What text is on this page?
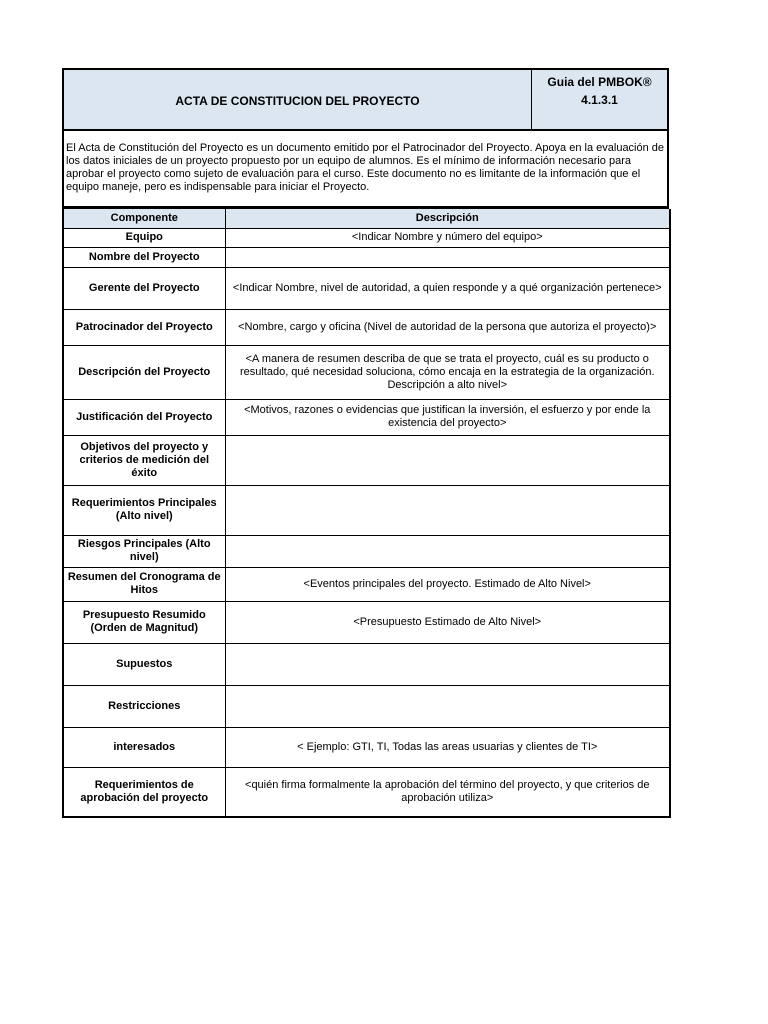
ACTA DE CONSTITUCION DEL PROYECTO
Guia del PMBOK®
4.1.3.1
El Acta de Constitución del Proyecto es un documento emitido por el Patrocinador del Proyecto. Apoya en la evaluación de los datos iniciales de un proyecto propuesto por un equipo de alumnos. Es el mínimo de información necesario para aprobar el proyecto como sujeto de evaluación para el curso. Este documento no es limitante de la información que el equipo maneje, pero es indispensable para iniciar el Proyecto.
Componente	Descripción
Equipo	<Indicar Nombre y número del equipo>
Nombre del Proyecto	
Gerente del Proyecto	<Indicar Nombre, nivel de autoridad, a quien responde y a qué organización pertenece>
Patrocinador del Proyecto	<Nombre, cargo y oficina (Nivel de autoridad de la persona que autoriza el proyecto)>
Descripción del Proyecto	<A manera de resumen describa de que se trata el proyecto, cuál es su producto o resultado, qué necesidad soluciona, cómo encaja en la estrategia de la organización. Descripción a alto nivel>
Justificación del Proyecto	<Motivos, razones o evidencias que justifican la inversión, el esfuerzo y por ende la existencia del proyecto>
Objetivos del proyecto y criterios de medición del éxito	
Requerimientos Principales (Alto nivel)	
Riesgos Principales (Alto nivel)	
Resumen del Cronograma de Hitos	<Eventos principales del proyecto. Estimado de Alto Nivel>
Presupuesto Resumido (Orden de Magnitud)	<Presupuesto Estimado de Alto Nivel>
Supuestos	
Restricciones	
interesados	< Ejemplo: GTI, TI, Todas las areas usuarias y clientes de TI>
Requerimientos de aprobación del proyecto	<quién firma formalmente la aprobación del término del proyecto, y que criterios de aprobación utiliza>
